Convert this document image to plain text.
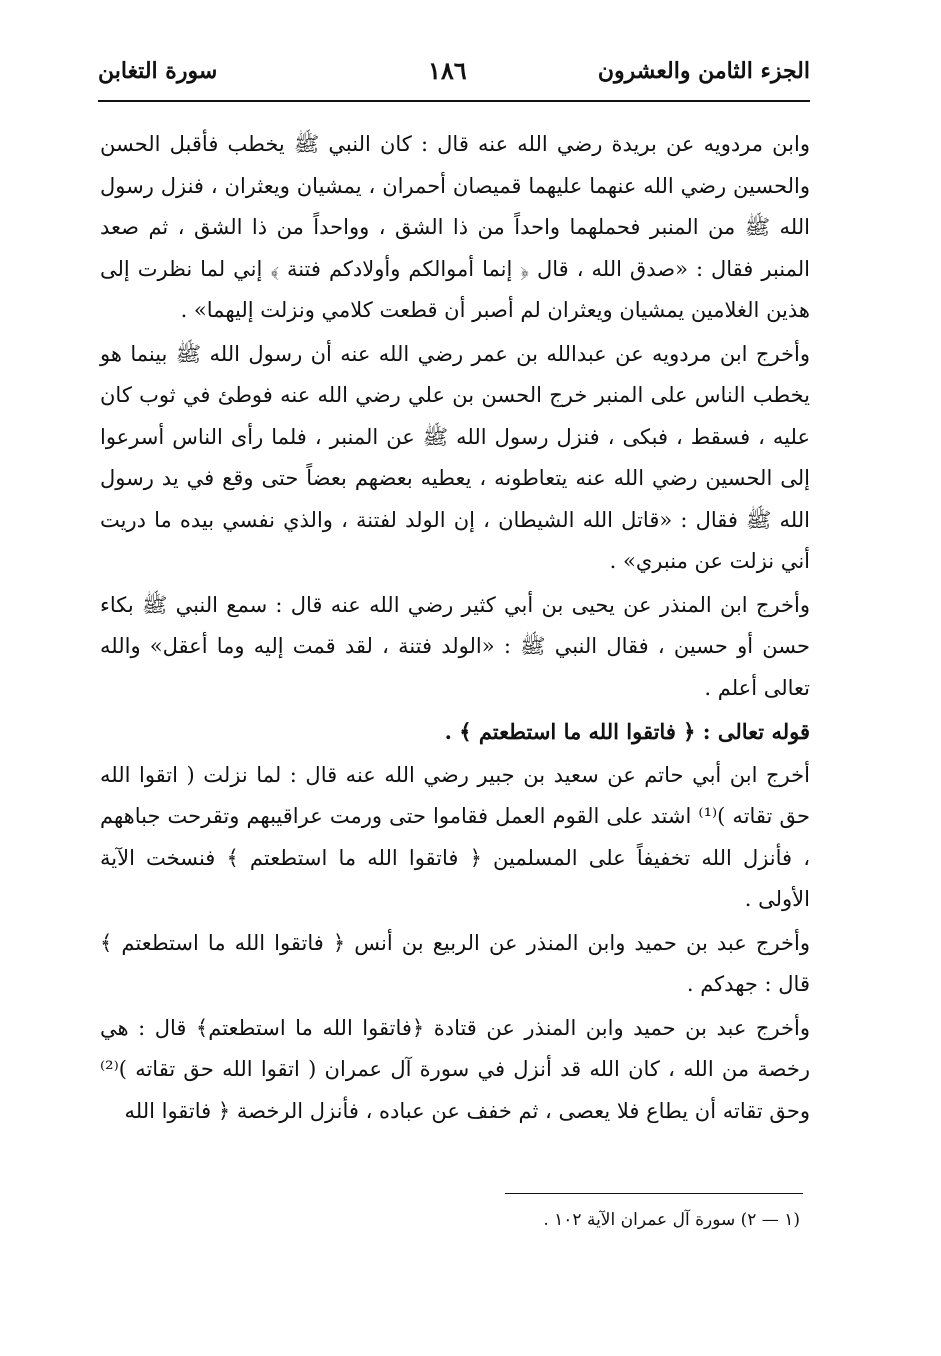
الجزء الثامن والعشرون
١٨٦
سورة التغابن

وابن مردويه عن بريدة رضي الله عنه قال : كان النبي ﷺ يخطب فأقبل الحسن والحسين رضي الله عنهما عليهما قميصان أحمران ، يمشيان ويعثران ، فنزل رسول الله ﷺ من المنبر فحملهما واحداً من ذا الشق ، وواحداً من ذا الشق ، ثم صعد المنبر فقال : «صدق الله ، قال ﴿ إنما أموالكم وأولادكم فتنة ﴾ إني لما نظرت إلى هذين الغلامين يمشيان ويعثران لم أصبر أن قطعت كلامي ونزلت إليهما» .

وأخرج ابن مردويه عن عبدالله بن عمر رضي الله عنه أن رسول الله ﷺ بينما هو يخطب الناس على المنبر خرج الحسن بن علي رضي الله عنه فوطئ في ثوب كان عليه ، فسقط ، فبكى ، فنزل رسول الله ﷺ عن المنبر ، فلما رأى الناس أسرعوا إلى الحسين رضي الله عنه يتعاطونه ، يعطيه بعضهم بعضاً حتى وقع في يد رسول الله ﷺ فقال : «قاتل الله الشيطان ، إن الولد لفتنة ، والذي نفسي بيده ما دريت أني نزلت عن منبري» .

وأخرج ابن المنذر عن يحيى بن أبي كثير رضي الله عنه قال : سمع النبي ﷺ بكاء حسن أو حسين ، فقال النبي ﷺ : «الولد فتنة ، لقد قمت إليه وما أعقل» والله تعالى أعلم .

قوله تعالى : ﴿ فاتقوا الله ما استطعتم ﴾ .

أخرج ابن أبي حاتم عن سعيد بن جبير رضي الله عنه قال : لما نزلت ( اتقوا الله حق تقاته )⁽¹⁾ اشتد على القوم العمل فقاموا حتى ورمت عراقيبهم وتقرحت جباههم ، فأنزل الله تخفيفاً على المسلمين ﴿ فاتقوا الله ما استطعتم ﴾ فنسخت الآية الأولى .

وأخرج عبد بن حميد وابن المنذر عن الربيع بن أنس ﴿ فاتقوا الله ما استطعتم ﴾ قال : جهدكم .

وأخرج عبد بن حميد وابن المنذر عن قتادة ﴿فاتقوا الله ما استطعتم﴾ قال : هي رخصة من الله ، كان الله قد أنزل في سورة آل عمران ( اتقوا الله حق تقاته )⁽²⁾ وحق تقاته أن يطاع فلا يعصى ، ثم خفف عن عباده ، فأنزل الرخصة ﴿ فاتقوا الله

(١ — ٢) سورة آل عمران الآية ١٠٢ .
